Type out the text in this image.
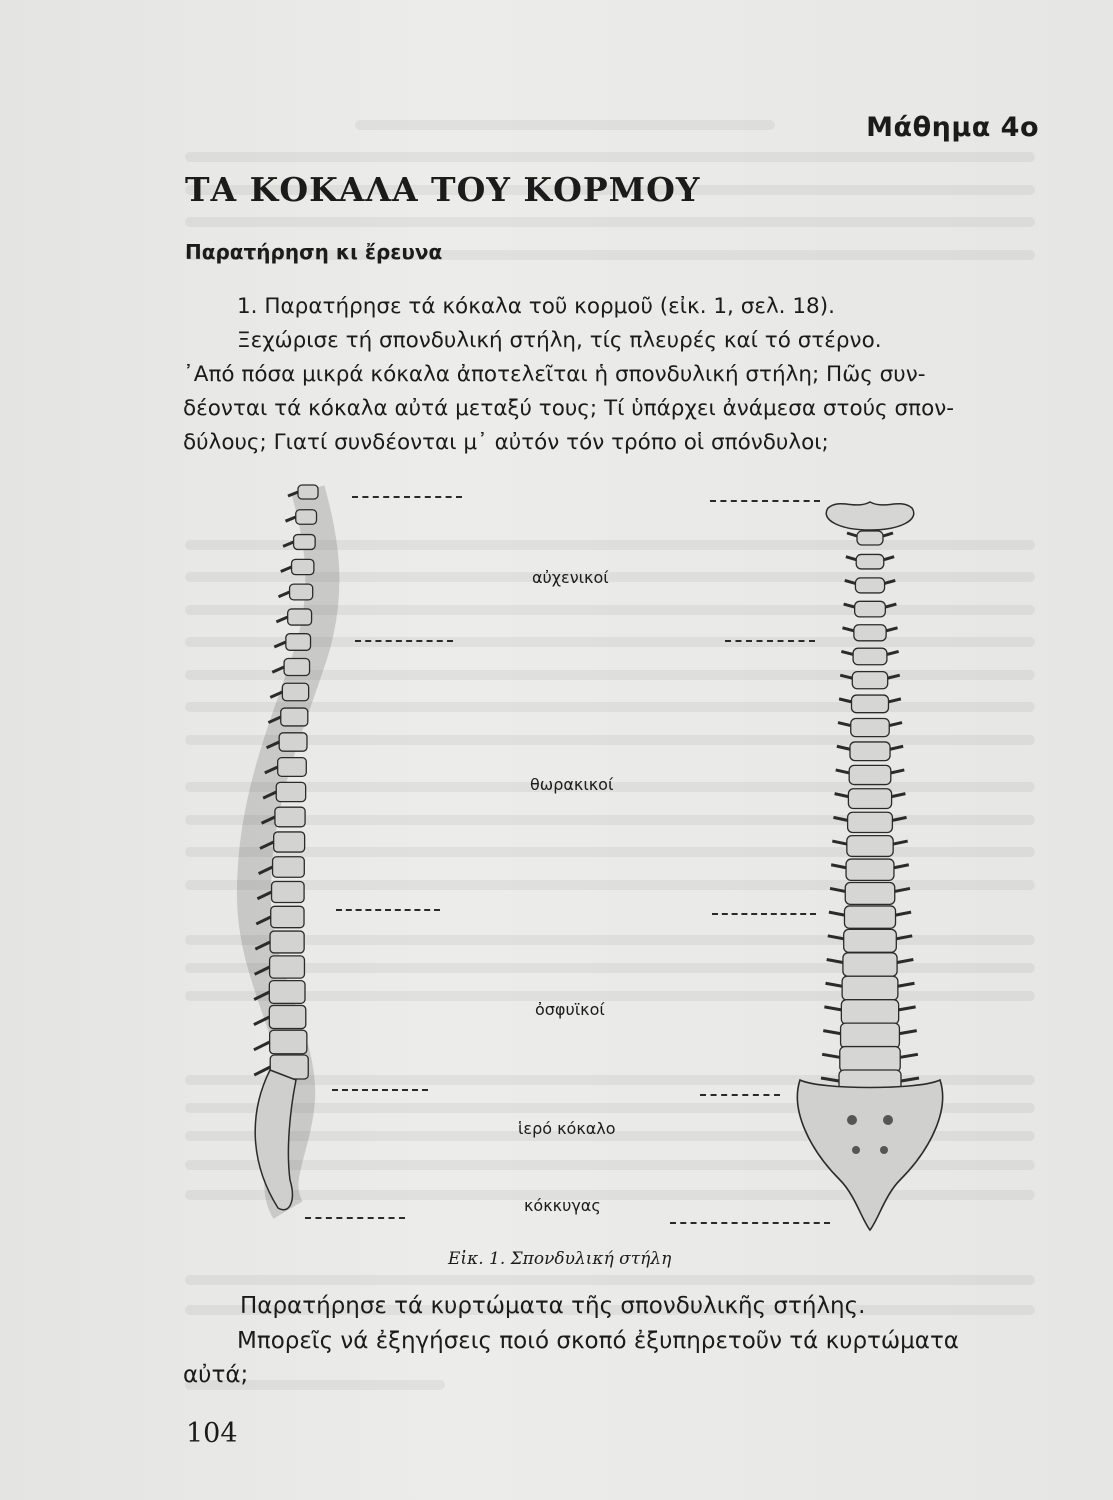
Μάθημα 4ο
ΤΑ ΚΟΚΑΛΑ ΤΟΥ ΚΟΡΜΟΥ
Παρατήρηση κι ἔρευνα

1. Παρατήρησε τά κόκαλα τοῦ κορμοῦ (εἰκ. 1, σελ. 18).
Ξεχώρισε τή σπονδυλική στήλη, τίς πλευρές καί τό στέρνο.
᾿Από πόσα μικρά κόκαλα ἀποτελεῖται ἡ σπονδυλική στήλη; Πῶς συν-
δέονται τά κόκαλα αὐτά μεταξύ τους; Τί ὑπάρχει ἀνάμεσα στούς σπον-
δύλους; Γιατί συνδέονται μ᾿ αὐτόν τόν τρόπο οἱ σπόνδυλοι;

αὐχενικοί
θωρακικοί
ὀσφυϊκοί
ἱερό κόκαλο
κόκκυγας
Εἰκ. 1. Σπονδυλική στήλη

Παρατήρησε τά κυρτώματα τῆς σπονδυλικῆς στήλης.

Μπορεῖς νά ἐξηγήσεις ποιό σκοπό ἐξυπηρετοῦν τά κυρτώματα
αὐτά;

104
